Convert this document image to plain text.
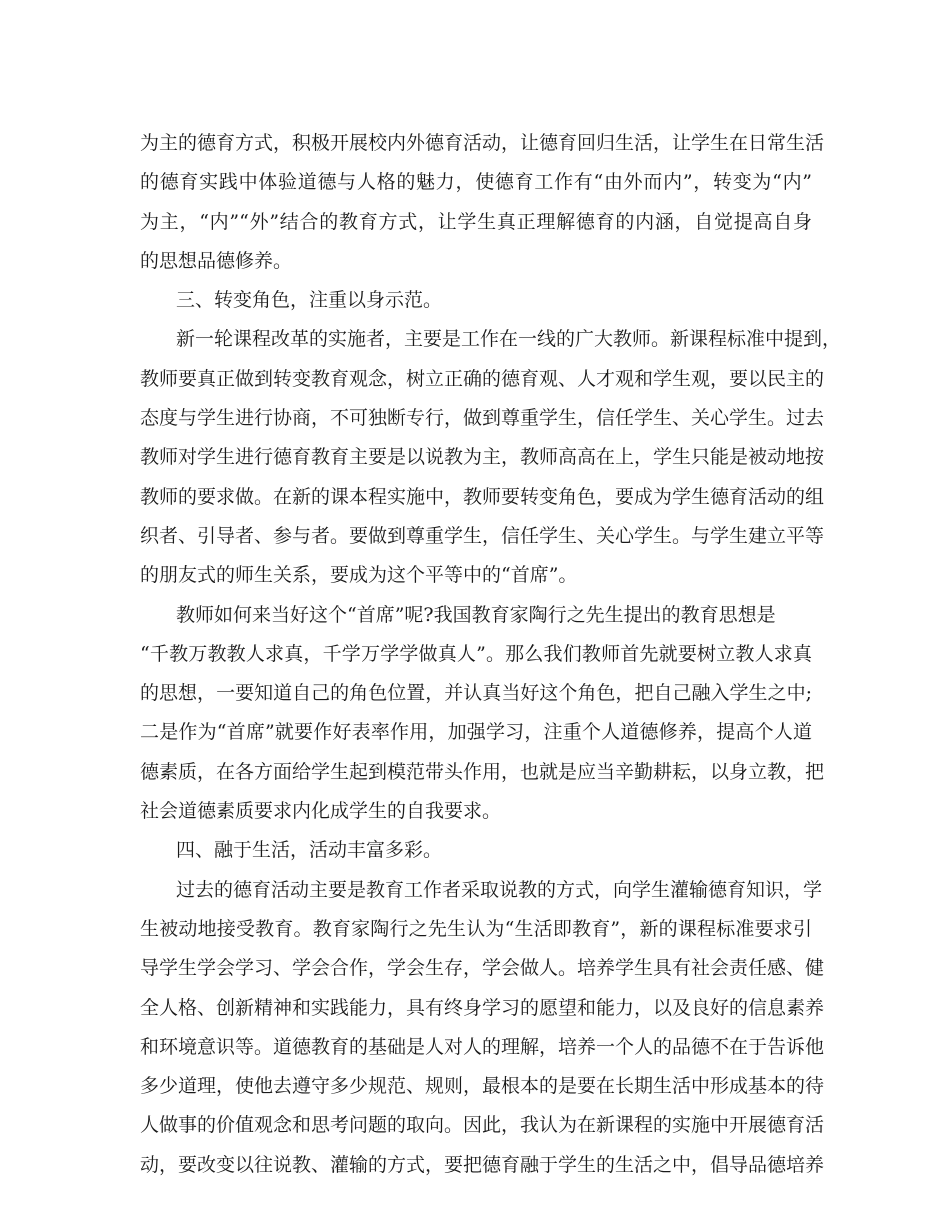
为主的德育方式，积极开展校内外德育活动，让德育回归生活，让学生在日常生活
的德育实践中体验道德与人格的魅力，使德育工作有“由外而内”，转变为“内”
为主，“内”“外”结合的教育方式，让学生真正理解德育的内涵，自觉提高自身
的思想品德修养。
三、转变角色，注重以身示范。
新一轮课程改革的实施者，主要是工作在一线的广大教师。新课程标准中提到，
教师要真正做到转变教育观念，树立正确的德育观、人才观和学生观，要以民主的
态度与学生进行协商，不可独断专行，做到尊重学生，信任学生、关心学生。过去
教师对学生进行德育教育主要是以说教为主，教师高高在上，学生只能是被动地按
教师的要求做。在新的课本程实施中，教师要转变角色，要成为学生德育活动的组
织者、引导者、参与者。要做到尊重学生，信任学生、关心学生。与学生建立平等
的朋友式的师生关系，要成为这个平等中的“首席”。
教师如何来当好这个“首席”呢?我国教育家陶行之先生提出的教育思想是
“千教万教教人求真，千学万学学做真人”。那么我们教师首先就要树立教人求真
的思想，一要知道自己的角色位置，并认真当好这个角色，把自己融入学生之中;
二是作为“首席”就要作好表率作用，加强学习，注重个人道德修养，提高个人道
德素质，在各方面给学生起到模范带头作用，也就是应当辛勤耕耘，以身立教，把
社会道德素质要求内化成学生的自我要求。
四、融于生活，活动丰富多彩。
过去的德育活动主要是教育工作者采取说教的方式，向学生灌输德育知识，学
生被动地接受教育。教育家陶行之先生认为“生活即教育”，新的课程标准要求引
导学生学会学习、学会合作，学会生存，学会做人。培养学生具有社会责任感、健
全人格、创新精神和实践能力，具有终身学习的愿望和能力，以及良好的信息素养
和环境意识等。道德教育的基础是人对人的理解，培养一个人的品德不在于告诉他
多少道理，使他去遵守多少规范、规则，最根本的是要在长期生活中形成基本的待
人做事的价值观念和思考问题的取向。因此，我认为在新课程的实施中开展德育活
动，要改变以往说教、灌输的方式，要把德育融于学生的生活之中，倡导品德培养
